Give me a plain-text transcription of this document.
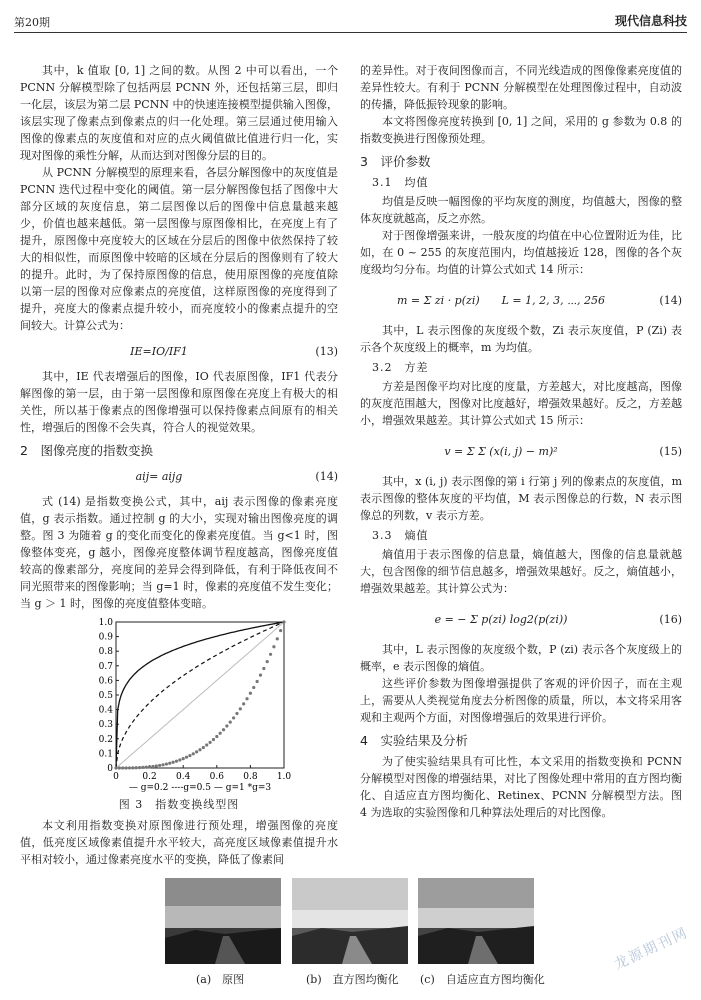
第20期	现代信息科技

其中，k 值取 [0, 1] 之间的数。从图 2 中可以看出，一个 PCNN 分解模型除了包括两层 PCNN 外，还包括第三层，即归一化层，该层为第二层 PCNN 中的快速连接模型提供输入图像，该层实现了像素点到像素点的归一化处理。第三层通过使用输入图像的像素点的灰度值和对应的点火阈值做比值进行归一化，实现对图像的乘性分解，从而达到对图像分层的目的。

从 PCNN 分解模型的原理来看，各层分解图像中的灰度值是 PCNN 迭代过程中变化的阈值。第一层分解图像包括了图像中大部分区域的灰度信息，第二层图像以后的图像中信息量越来越少，价值也越来越低。第一层图像与原图像相比，在亮度上有了提升，原图像中亮度较大的区域在分层后的图像中依然保持了较大的相似性，而原图像中较暗的区域在分层后的图像则有了较大的提升。此时，为了保持原图像的信息，使用原图像的亮度值除以第一层的图像对应像素点的亮度值，这样原图像的亮度得到了提升，亮度大的像素点提升较小，而亮度较小的像素点提升的空间较大。计算公式为：

IE=IO/IF1	(13)

其中，IE 代表增强后的图像，IO 代表原图像，IF1 代表分解图像的第一层，由于第一层图像和原图像在亮度上有极大的相关性，所以基于像素点的图像增强可以保持像素点间原有的相关性，增强后的图像不会失真，符合人的视觉效果。

2　图像亮度的指数变换
aij= aijg	(14)

式 (14) 是指数变换公式，其中，aij 表示图像的像素亮度值，g 表示指数。通过控制 g 的大小，实现对输出图像亮度的调整。图 3 为随着 g 的变化而变化的像素亮度值。当 g<1 时，图像整体变亮，g 越小，图像亮度整体调节程度越高，图像亮度值较高的像素部分，亮度间的差异会得到降低，有利于降低夜间不同光照带来的图像影响；当 g=1 时，像素的亮度值不发生变化；当 g ＞ 1 时，图像的亮度值整体变暗。

0
0.1
0.2
0.3
0.4
0.5
0.6
0.7
0.8
0.9
1.0
0	0.2 0.4 0.6 0.8 1.0
— g=0.2 ----g=0.5 — g=1 *g=3
图 3　指数变换线型图

本文利用指数变换对原图像进行预处理，增强图像的亮度值，低亮度区域像素值提升水平较大，高亮度区域像素值提升水平相对较小，通过像素亮度水平的变换，降低了像素间

的差异性。对于夜间图像而言，不同光线造成的图像像素亮度值的差异性较大。有利于 PCNN 分解模型在处理图像过程中，自动波的传播，降低振铃现象的影响。

本文将图像亮度转换到 [0, 1] 之间，采用的 g 参数为 0.8 的指数变换进行图像预处理。

3　评价参数
3.1　均值

均值是反映一幅图像的平均灰度的测度，均值越大，图像的整体灰度就越高，反之亦然。

对于图像增强来讲，一般灰度的均值在中心位置附近为佳，比如，在 0 ~ 255 的灰度范围内，均值越接近 128，图像的各个灰度级均匀分布。均值的计算公式如式 14 所示：

m = Σ zi · p(zi)　　L = 1, 2, 3, ⋯, 256	(14)

其中，L 表示图像的灰度级个数，Zi 表示灰度值，P (Zi) 表示各个灰度级上的概率，m 为均值。

3.2　方差

方差是图像平均对比度的度量，方差越大，对比度越高，图像的灰度范围越大，图像对比度越好，增强效果越好。反之，方差越小，增强效果越差。其计算公式如式 15 所示：

v = Σ Σ (x(i, j) − m)²	(15)

其中，x (i, j) 表示图像的第 i 行第 j 列的像素点的灰度值，m 表示图像的整体灰度的平均值，M 表示图像总的行数，N 表示图像总的列数，v 表示方差。

3.3　熵值

熵值用于表示图像的信息量，熵值越大，图像的信息量就越大，包含图像的细节信息越多，增强效果越好。反之，熵值越小，增强效果越差。其计算公式为：

e = − Σ p(zi) log2(p(zi))	(16)

其中，L 表示图像的灰度级个数，P (zi) 表示各个灰度级上的概率，e 表示图像的熵值。

这些评价参数为图像增强提供了客观的评价因子，而在主观上，需要从人类视觉角度去分析图像的质量，所以，本文将采用客观和主观两个方面，对图像增强后的效果进行评价。

4　实验结果及分析

为了使实验结果具有可比性，本文采用的指数变换和 PCNN 分解模型对图像的增强结果，对比了图像处理中常用的直方图均衡化、自适应直方图均衡化、Retinex、PCNN 分解模型方法。图 4 为选取的实验图像和几种算法处理后的对比图像。

(a)　原图	(b)　直方图均衡化 (c)　自适应直方图均衡化
龙源期刊网
